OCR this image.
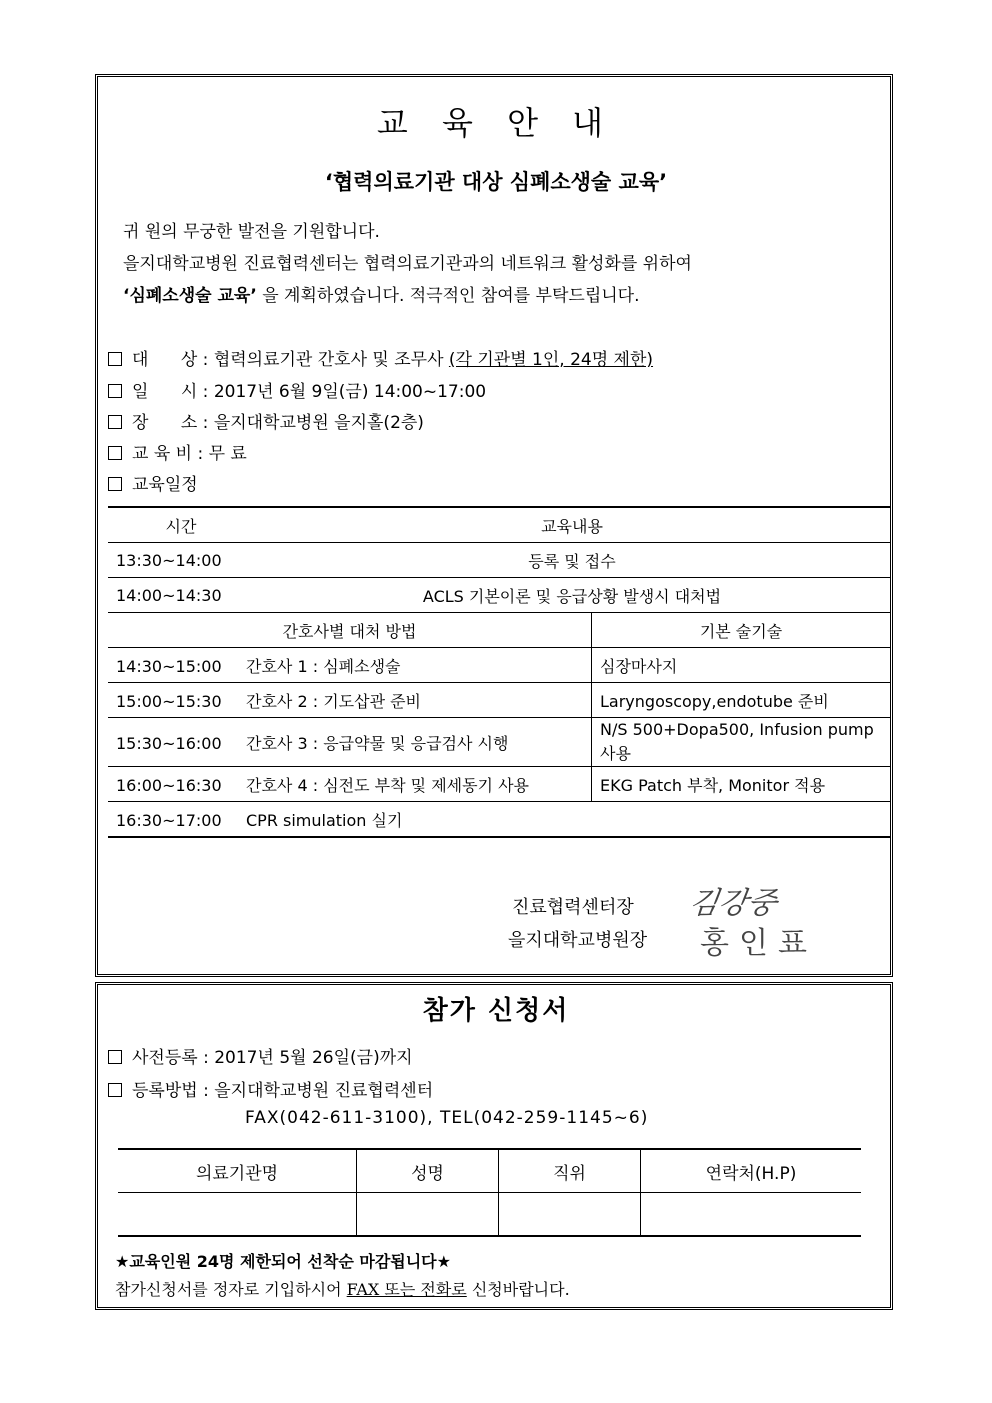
교 육 안 내
‘협력의료기관 대상 심폐소생술 교육’
귀 원의 무궁한 발전을 기원합니다.
을지대학교병원 진료협력센터는 협력의료기관과의 네트워크 활성화를 위하여
‘심폐소생술 교육’ 을 계획하였습니다. 적극적인 참여를 부탁드립니다.
대      상 : 협력의료기관 간호사 및 조무사 (각 기관별 1인, 24명 제한)
일      시 : 2017년 6월 9일(금) 14:00~17:00
장      소 : 을지대학교병원 을지홀(2층)
교 육 비 : 무 료
교육일정
시간	교육내용	
13:30~14:00	등록 및 접수	
14:00~14:30	ACLS 기본이론 및 응급상황 발생시 대처법	
간호사별 대처 방법		기본 술기술
14:30~15:00 간호사 1 : 심폐소생술		심장마사지
15:00~15:30 간호사 2 : 기도삽관 준비		Laryngoscopy,endotube 준비
15:30~16:00 간호사 3 : 응급약물 및 응급검사 시행		N/S 500+Dopa500, Infusion pump사용
16:00~16:30 간호사 4 : 심전도 부착 및 제세동기 사용		EKG Patch 부착, Monitor 적용
16:30~17:00 CPR simulation 실기		
진료협력센터장 김강중
을지대학교병원장 홍인표
참가 신청서
사전등록 : 2017년 5월 26일(금)까지
등록방법 : 을지대학교병원 진료협력센터
FAX(042-611-3100), TEL(042-259-1145~6)
의료기관명	성명	직위	연락처(H.P)

★교육인원 24명 제한되어 선착순 마감됩니다★
참가신청서를 정자로 기입하시어 FAX 또는 전화로 신청바랍니다.
